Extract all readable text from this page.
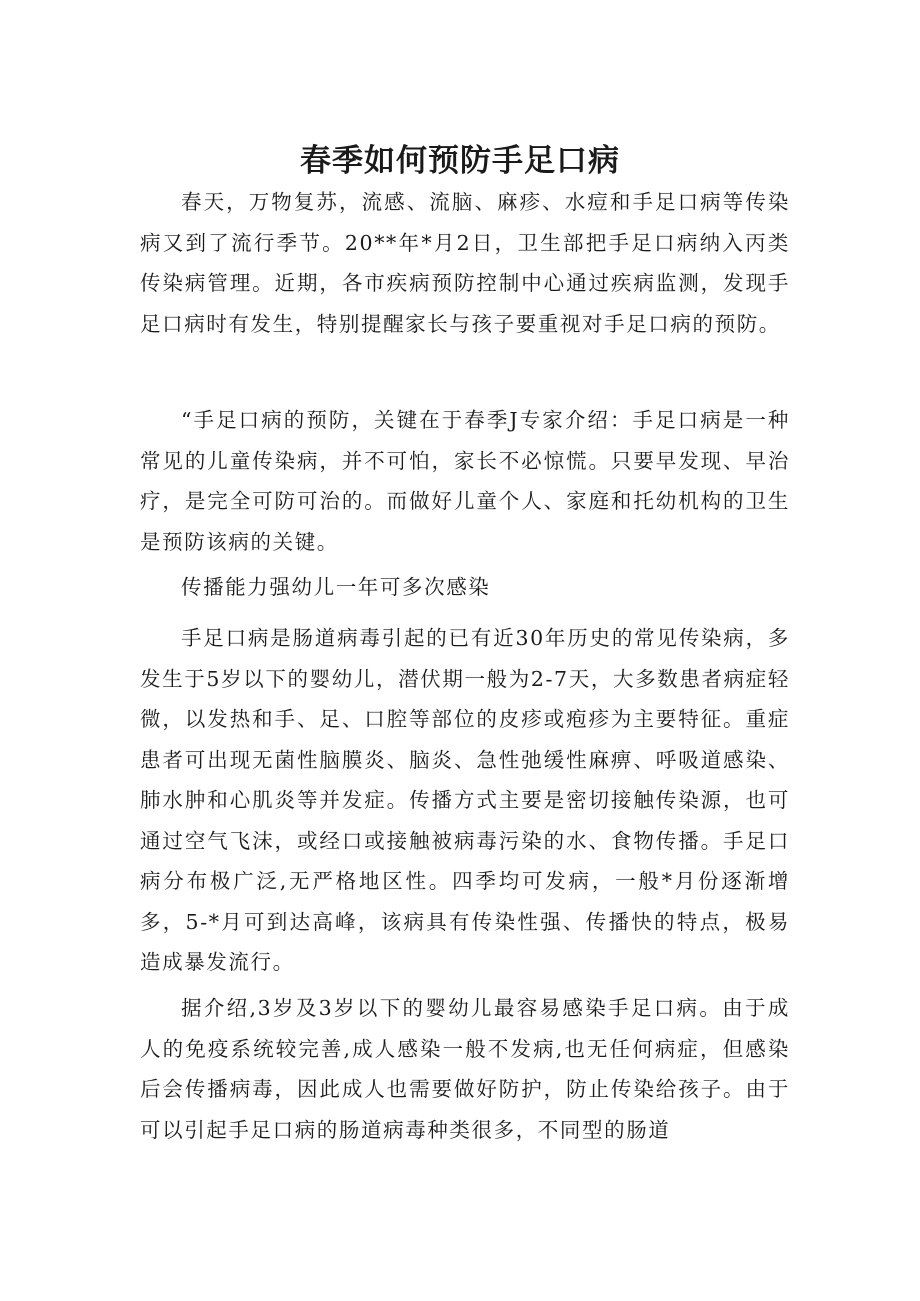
春季如何预防手足口病

春天，万物复苏，流感、流脑、麻疹、水痘和手足口病等传染病又到了流行季节。20**年*月2日，卫生部把手足口病纳入丙类传染病管理。近期，各市疾病预防控制中心通过疾病监测，发现手足口病时有发生，特别提醒家长与孩子要重视对手足口病的预防。

“手足口病的预防，关键在于春季J专家介绍：手足口病是一种常见的儿童传染病，并不可怕，家长不必惊慌。只要早发现、早治疗，是完全可防可治的。而做好儿童个人、家庭和托幼机构的卫生是预防该病的关键。

传播能力强幼儿一年可多次感染

手足口病是肠道病毒引起的已有近30年历史的常见传染病，多发生于5岁以下的婴幼儿，潜伏期一般为2-7天，大多数患者病症轻微，以发热和手、足、口腔等部位的皮疹或疱疹为主要特征。重症患者可出现无菌性脑膜炎、脑炎、急性弛缓性麻痹、呼吸道感染、肺水肿和心肌炎等并发症。传播方式主要是密切接触传染源，也可通过空气飞沫，或经口或接触被病毒污染的水、食物传播。手足口病分布极广泛,无严格地区性。四季均可发病，一般*月份逐渐增多，5-*月可到达高峰，该病具有传染性强、传播快的特点，极易造成暴发流行。

据介绍,3岁及3岁以下的婴幼儿最容易感染手足口病。由于成人的免疫系统较完善,成人感染一般不发病,也无任何病症，但感染后会传播病毒，因此成人也需要做好防护，防止传染给孩子。由于可以引起手足口病的肠道病毒种类很多，不同型的肠道
